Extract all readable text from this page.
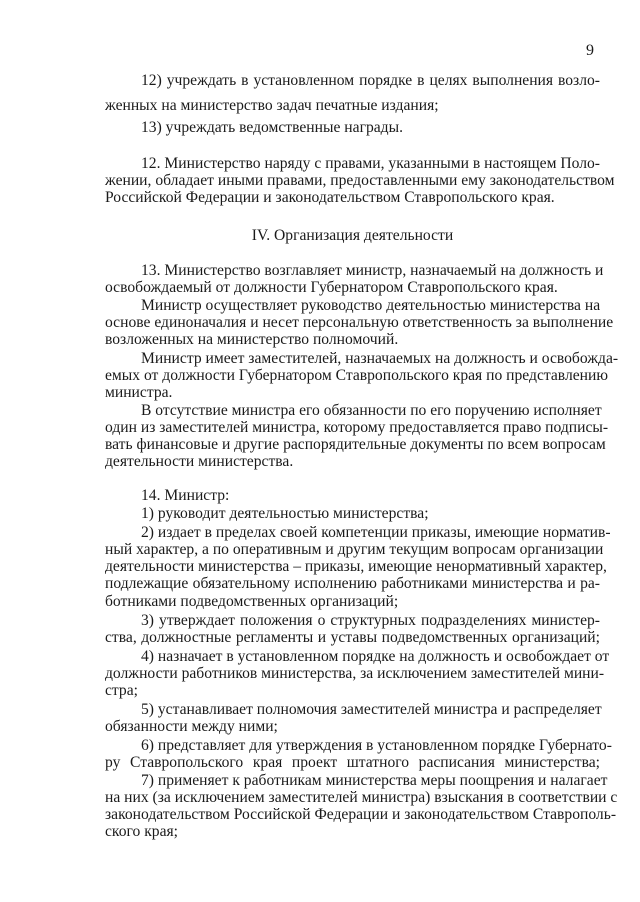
9
12) учреждать в установленном порядке в целях выполнения возло-
женных на министерство задач печатные издания;
13) учреждать ведомственные награды.
12. Министерство наряду с правами, указанными в настоящем Поло-
жении, обладает иными правами, предоставленными ему законодательством
Российской Федерации и законодательством Ставропольского края.
IV. Организация деятельности
13. Министерство возглавляет министр, назначаемый на должность и
освобождаемый от должности Губернатором Ставропольского края.
Министр осуществляет руководство деятельностью министерства на
основе единоначалия и несет персональную ответственность за выполнение
возложенных на министерство полномочий.
Министр имеет заместителей, назначаемых на должность и освобожда-
емых от должности Губернатором Ставропольского края по представлению
министра.
В отсутствие министра его обязанности по его поручению исполняет
один из заместителей министра, которому предоставляется право подписы-
вать финансовые и другие распорядительные документы по всем вопросам
деятельности министерства.
14. Министр:
1) руководит деятельностью министерства;
2) издает в пределах своей компетенции приказы, имеющие норматив-
ный характер, а по оперативным и другим текущим вопросам организации
деятельности министерства – приказы, имеющие ненормативный характер,
подлежащие обязательному исполнению работниками министерства и ра-
ботниками подведомственных организаций;
3) утверждает положения о структурных подразделениях министер-
ства, должностные регламенты и уставы подведомственных организаций;
4) назначает в установленном порядке на должность и освобождает от
должности работников министерства, за исключением заместителей мини-
стра;
5) устанавливает полномочия заместителей министра и распределяет
обязанности между ними;
6) представляет для утверждения в установленном порядке Губернато-
ру Ставропольского края проект штатного расписания министерства;
7) применяет к работникам министерства меры поощрения и налагает
на них (за исключением заместителей министра) взыскания в соответствии с
законодательством Российской Федерации и законодательством Ставрополь-
ского края;
